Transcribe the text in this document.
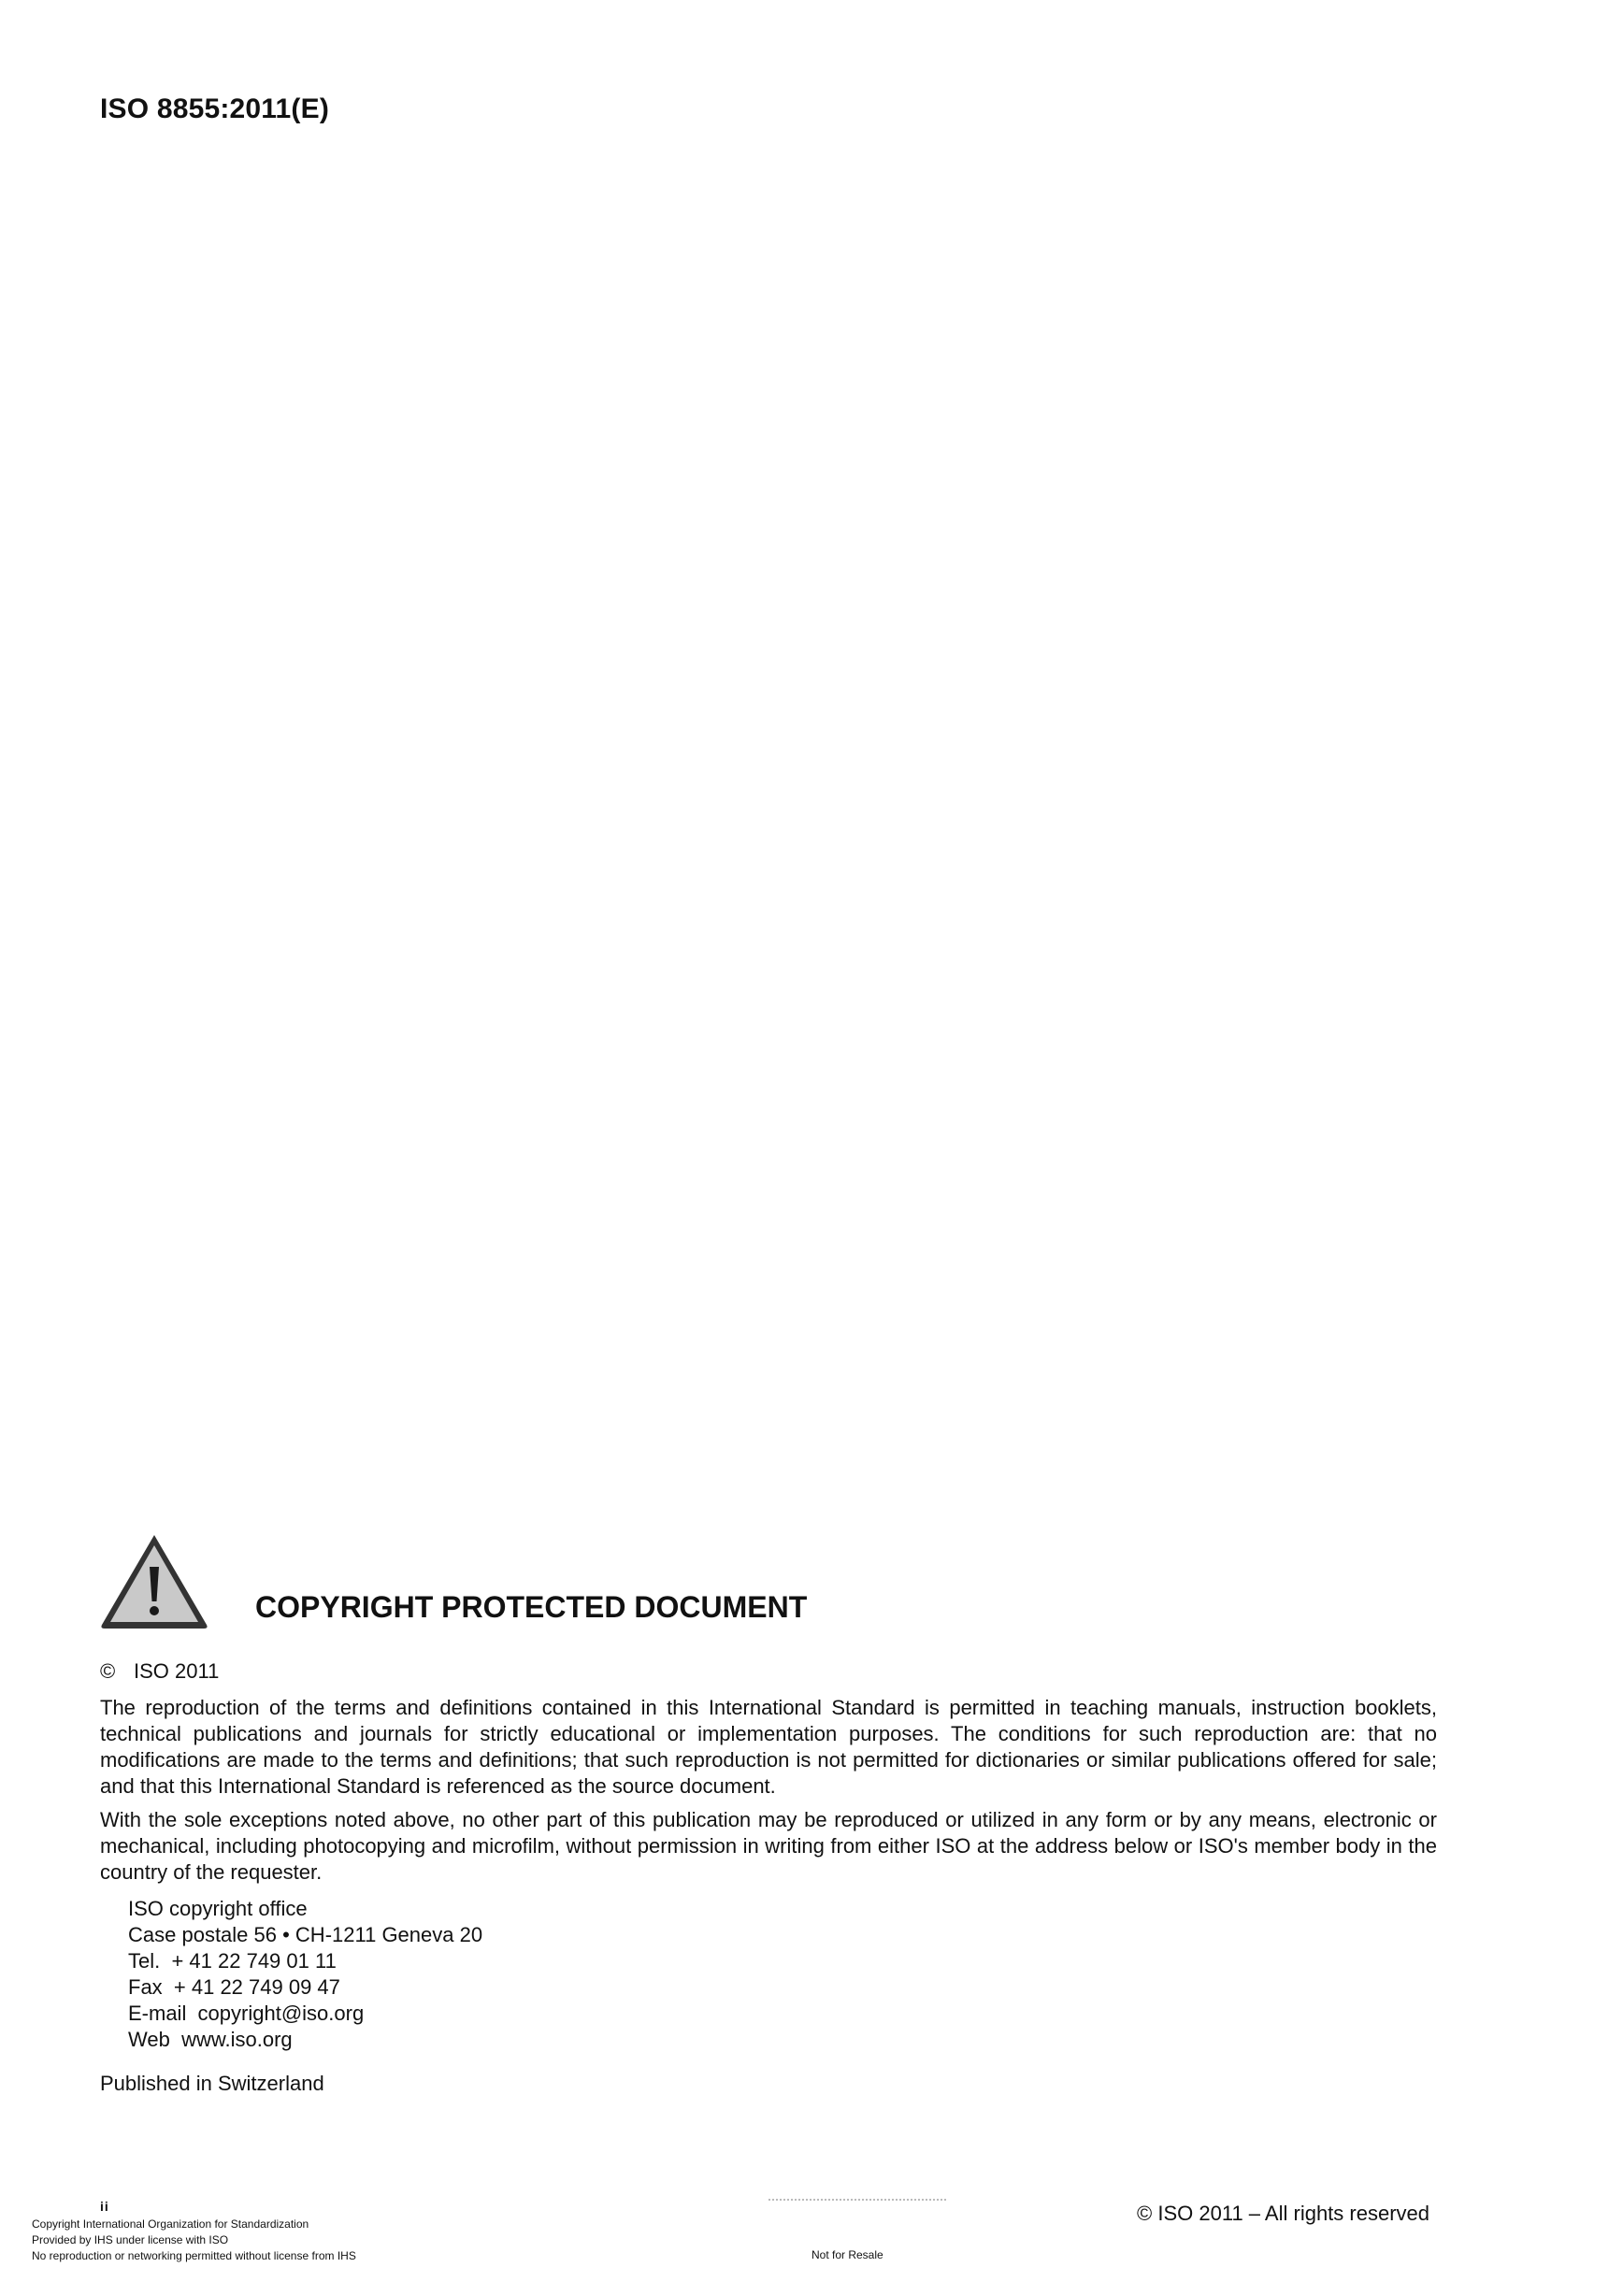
ISO 8855:2011(E)
COPYRIGHT PROTECTED DOCUMENT
© ISO 2011

The reproduction of the terms and definitions contained in this International Standard is permitted in teaching manuals, instruction booklets, technical publications and journals for strictly educational or implementation purposes. The conditions for such reproduction are: that no modifications are made to the terms and definitions; that such reproduction is not permitted for dictionaries or similar publications offered for sale; and that this International Standard is referenced as the source document.

With the sole exceptions noted above, no other part of this publication may be reproduced or utilized in any form or by any means, electronic or mechanical, including photocopying and microfilm, without permission in writing from either ISO at the address below or ISO's member body in the country of the requester.

ISO copyright office
Case postale 56 • CH-1211 Geneva 20
Tel.  + 41 22 749 01 11
Fax  + 41 22 749 09 47
E-mail  copyright@iso.org
Web  www.iso.org
Published in Switzerland
ii	© ISO 2011 – All rights reserved
Copyright International Organization for Standardization
Provided by IHS under license with ISO
No reproduction or networking permitted without license from IHS	Not for Resale
